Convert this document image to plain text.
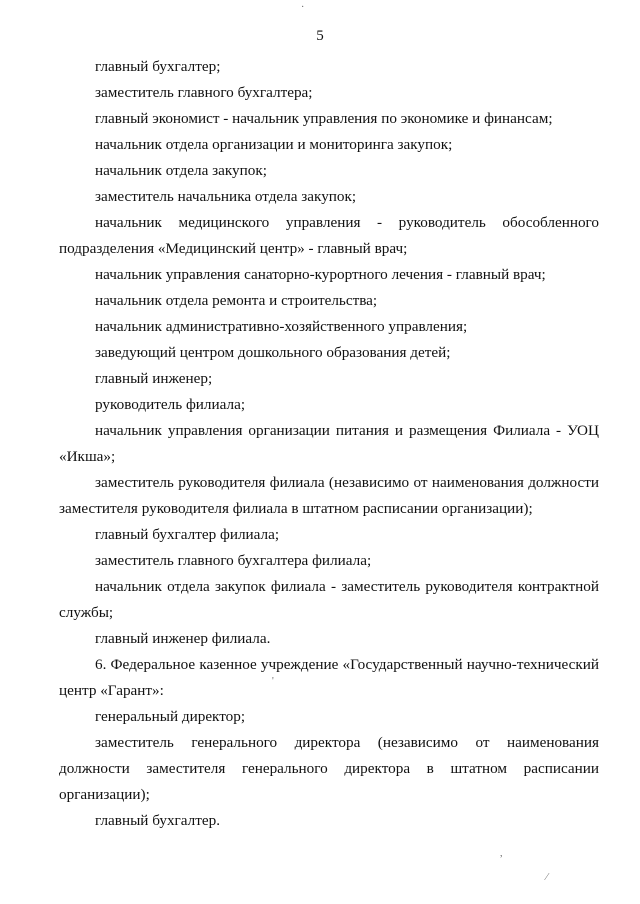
5
главный бухгалтер;
заместитель главного бухгалтера;
главный экономист - начальник управления по экономике и финансам;
начальник отдела организации и мониторинга закупок;
начальник отдела закупок;
заместитель начальника отдела закупок;
начальник медицинского управления - руководитель обособленного
подразделения «Медицинский центр» - главный врач;
начальник управления санаторно-курортного лечения - главный врач;
начальник отдела ремонта и строительства;
начальник административно-хозяйственного управления;
заведующий центром дошкольного образования детей;
главный инженер;
руководитель филиала;
начальник управления организации питания и размещения Филиала - УОЦ
«Икша»;
заместитель руководителя филиала (независимо от наименования должности
заместителя руководителя филиала в штатном расписании организации);
главный бухгалтер филиала;
заместитель главного бухгалтера филиала;
начальник отдела закупок филиала - заместитель руководителя контрактной
службы;
главный инженер филиала.
6. Федеральное казенное учреждение «Государственный научно-технический
центр «Гарант»:
генеральный директор;
заместитель генерального директора (независимо от наименования
должности заместителя генерального директора в штатном расписании
организации);
главный бухгалтер.
·
'
,
⁄
